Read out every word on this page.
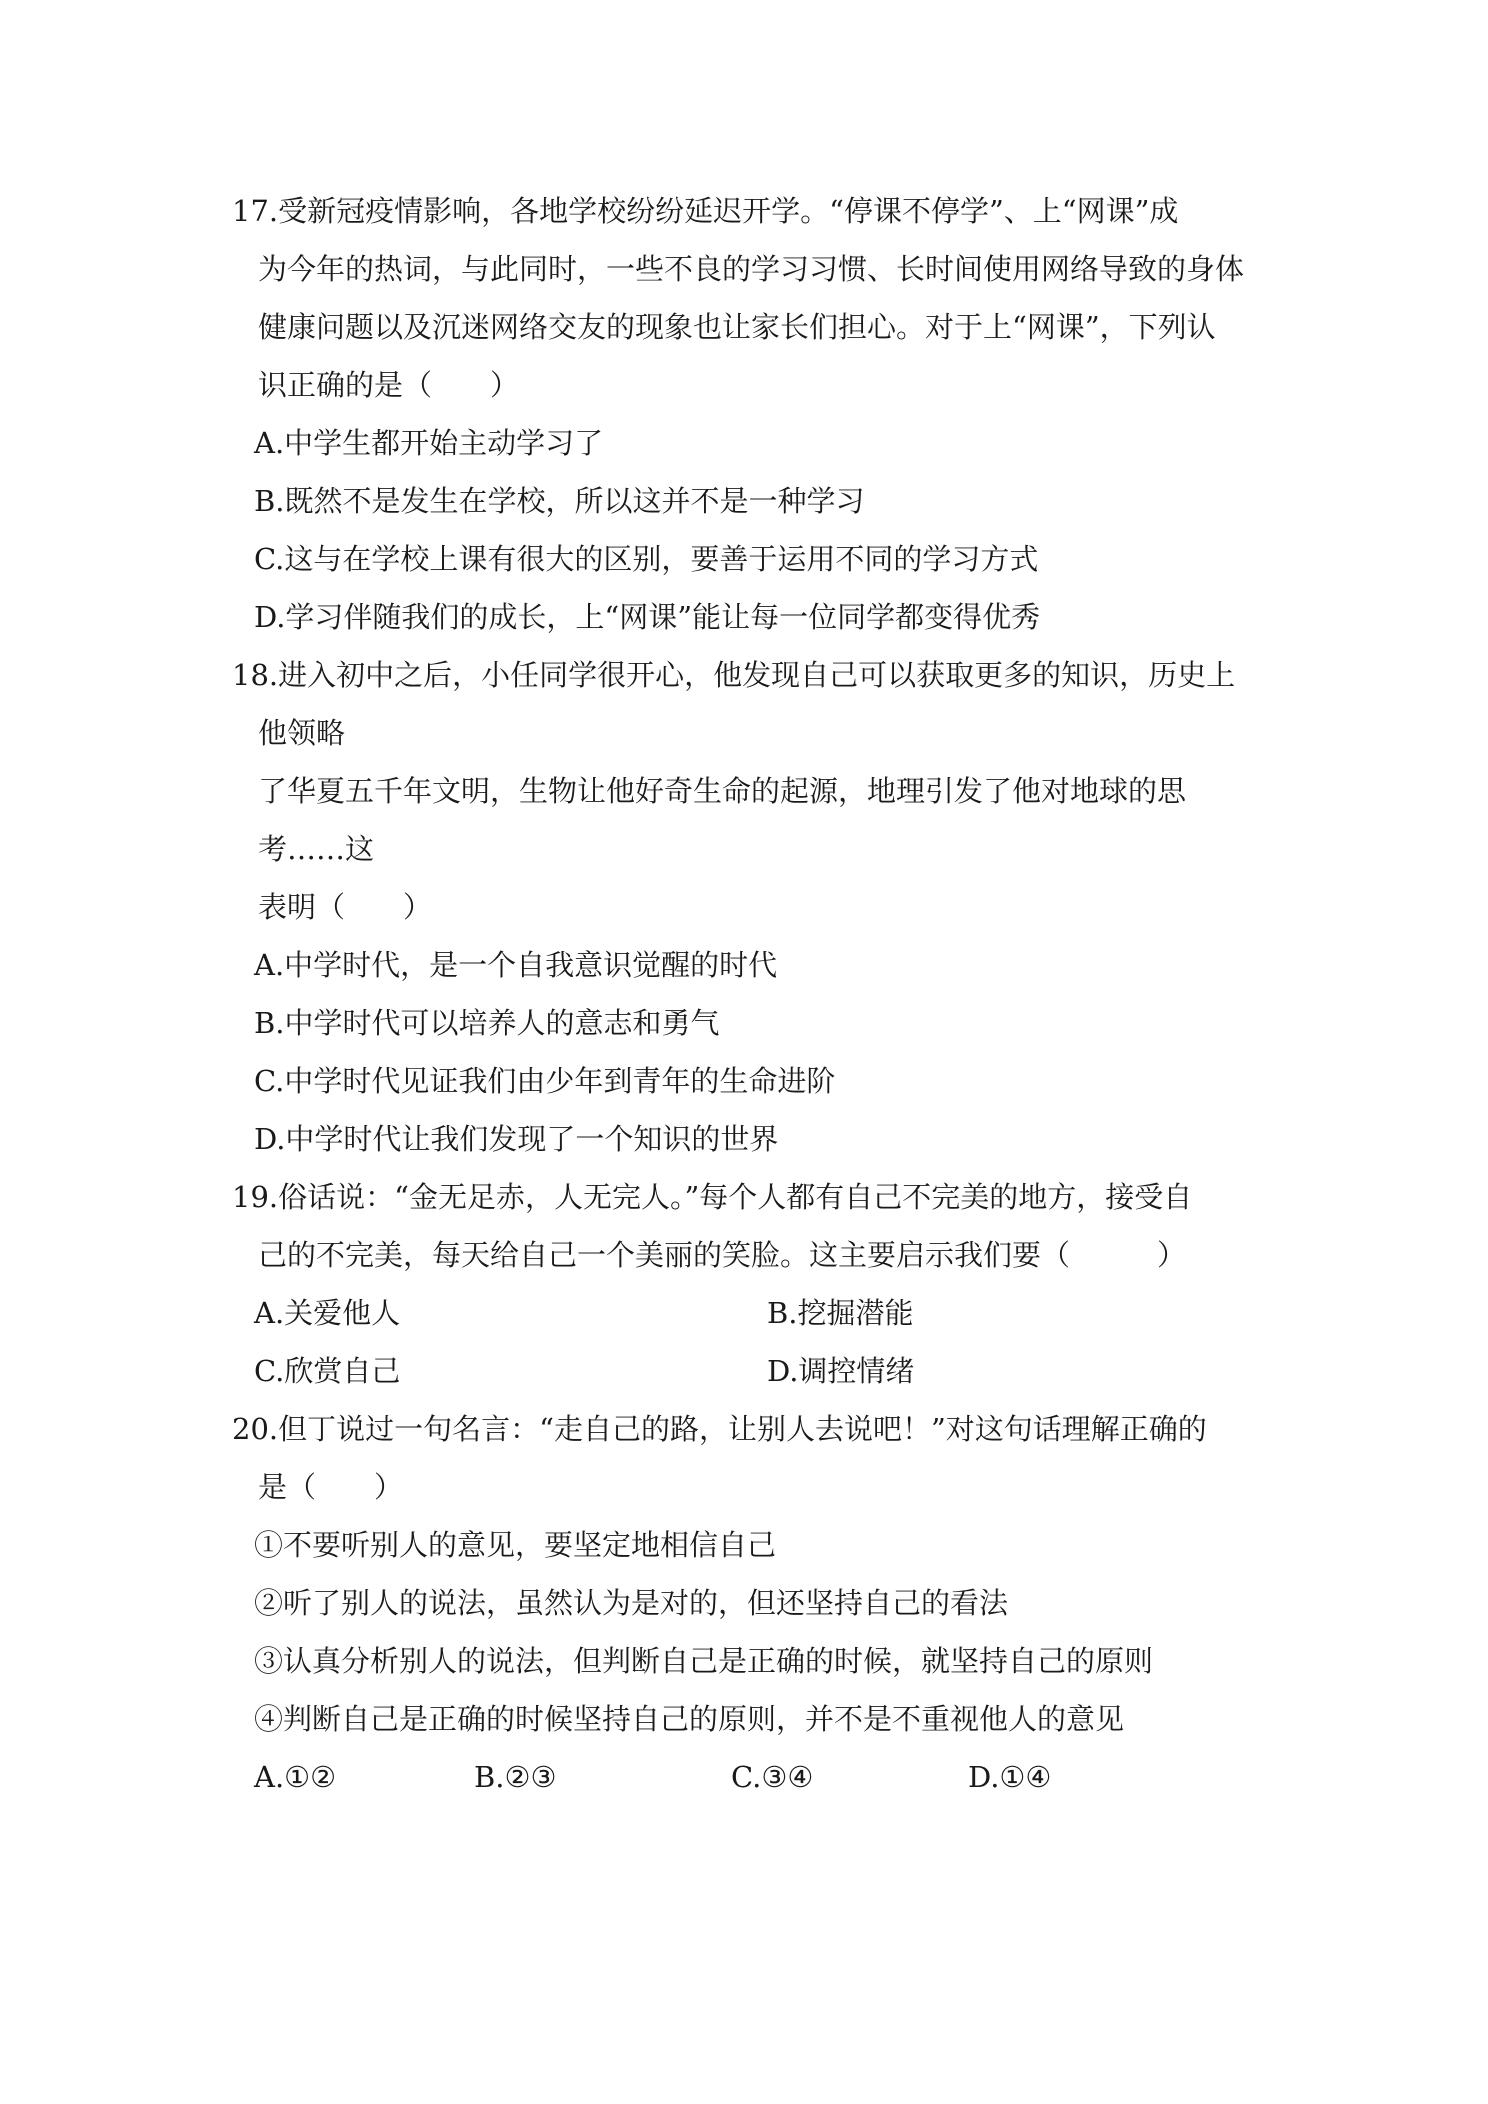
17.受新冠疫情影响，各地学校纷纷延迟开学。“停课不停学”、上“网课”成
为今年的热词，与此同时，一些不良的学习习惯、长时间使用网络导致的身体
健康问题以及沉迷网络交友的现象也让家长们担心。对于上“网课”，下列认
识正确的是（　　）
A.中学生都开始主动学习了
B.既然不是发生在学校，所以这并不是一种学习
C.这与在学校上课有很大的区别，要善于运用不同的学习方式
D.学习伴随我们的成长，上“网课”能让每一位同学都变得优秀
18.进入初中之后，小任同学很开心，他发现自己可以获取更多的知识，历史上
他领略
了华夏五千年文明，生物让他好奇生命的起源，地理引发了他对地球的思
考……这
表明（　　）
A.中学时代，是一个自我意识觉醒的时代
B.中学时代可以培养人的意志和勇气
C.中学时代见证我们由少年到青年的生命进阶
D.中学时代让我们发现了一个知识的世界
19.俗话说：“金无足赤，人无完人。”每个人都有自己不完美的地方，接受自
己的不完美，每天给自己一个美丽的笑脸。这主要启示我们要（　　　）
A.关爱他人	B.挖掘潜能
C.欣赏自己	D.调控情绪
20.但丁说过一句名言：“走自己的路，让别人去说吧！”对这句话理解正确的
是（　　）
①不要听别人的意见，要坚定地相信自己
②听了别人的说法，虽然认为是对的，但还坚持自己的看法
③认真分析别人的说法，但判断自己是正确的时候，就坚持自己的原则
④判断自己是正确的时候坚持自己的原则，并不是不重视他人的意见
A.①②	B.②③	C.③④	D.①④
